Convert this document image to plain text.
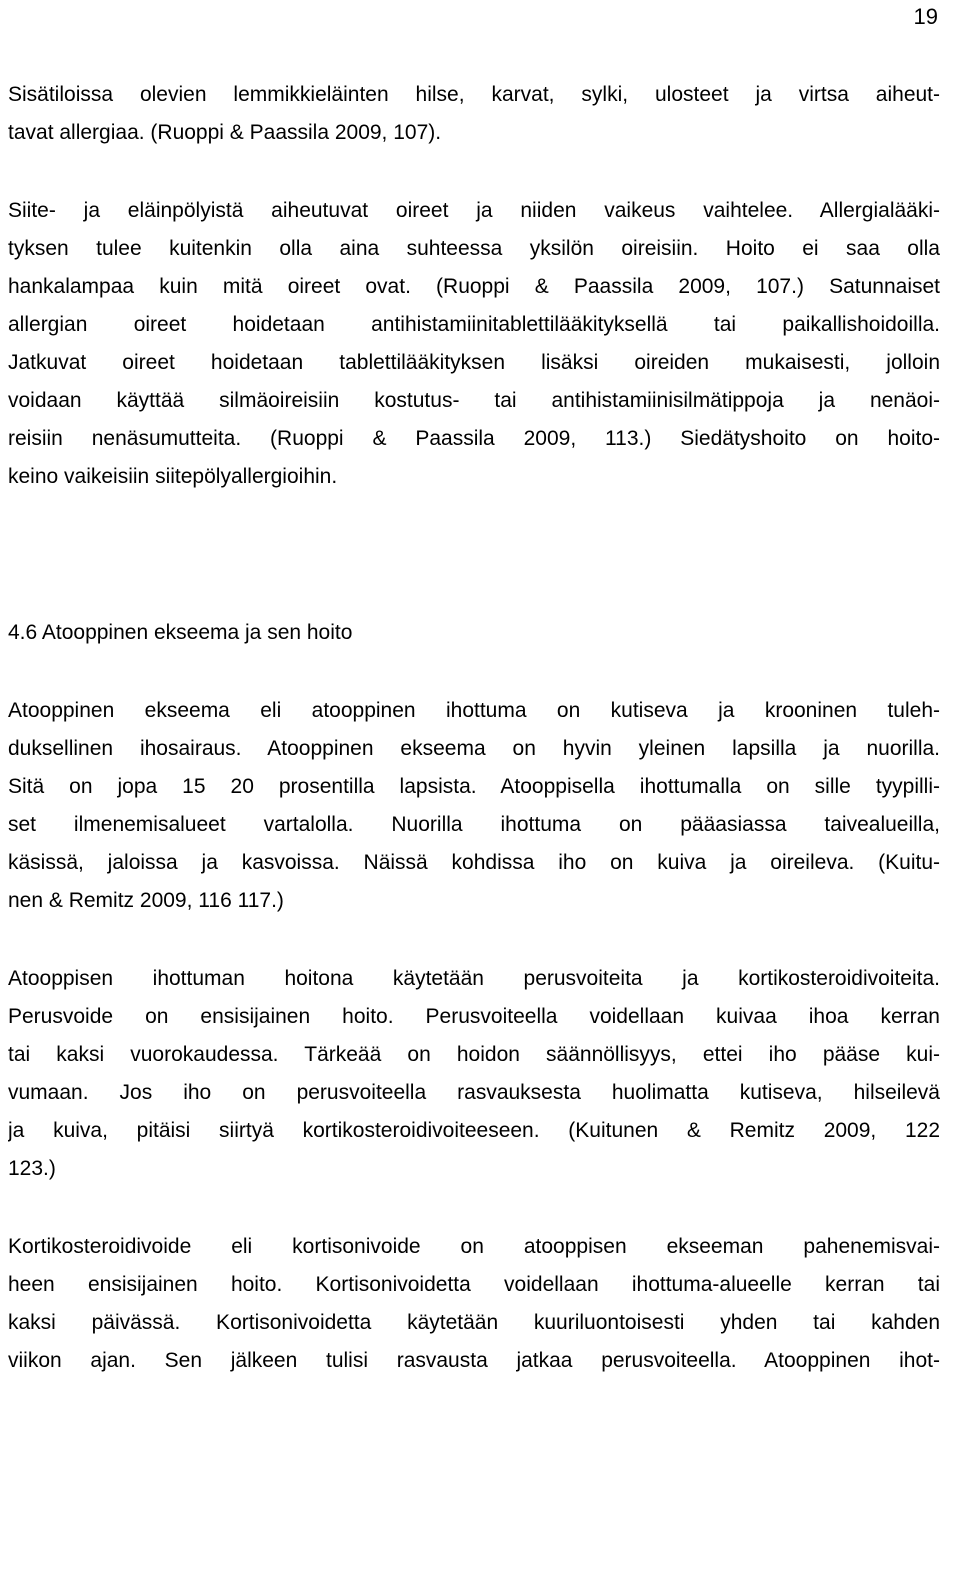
19
Sisätiloissa olevien lemmikkieläinten hilse, karvat, sylki, ulosteet ja virtsa aiheut-
tavat allergiaa. (Ruoppi & Paassila 2009, 107).
Siite- ja eläinpölyistä aiheutuvat oireet ja niiden vaikeus vaihtelee. Allergialääki-
tyksen tulee kuitenkin olla aina suhteessa yksilön oireisiin. Hoito ei saa olla
hankalampaa kuin mitä oireet ovat. (Ruoppi & Paassila 2009, 107.) Satunnaiset
allergian oireet hoidetaan antihistamiinitablettilääkityksellä tai paikallishoidoilla.
Jatkuvat oireet hoidetaan tablettilääkityksen lisäksi oireiden mukaisesti, jolloin
voidaan käyttää silmäoireisiin kostutus- tai antihistamiinisilmätippoja ja nenäoi-
reisiin nenäsumutteita. (Ruoppi & Paassila 2009, 113.) Siedätyshoito on hoito-
keino vaikeisiin siitepölyallergioihin.
4.6 Atooppinen ekseema ja sen hoito
Atooppinen ekseema eli atooppinen ihottuma on kutiseva ja krooninen tuleh-
duksellinen ihosairaus. Atooppinen ekseema on hyvin yleinen lapsilla ja nuorilla.
Sitä on jopa 15 20 prosentilla lapsista. Atooppisella ihottumalla on sille tyypilli-
set ilmenemisalueet vartalolla. Nuorilla ihottuma on pääasiassa taivealueilla,
käsissä, jaloissa ja kasvoissa. Näissä kohdissa iho on kuiva ja oireileva. (Kuitu-
nen & Remitz 2009, 116 117.)
Atooppisen ihottuman hoitona käytetään perusvoiteita ja kortikosteroidivoiteita.
Perusvoide on ensisijainen hoito. Perusvoiteella voidellaan kuivaa ihoa kerran
tai kaksi vuorokaudessa. Tärkeää on hoidon säännöllisyys, ettei iho pääse kui-
vumaan. Jos iho on perusvoiteella rasvauksesta huolimatta kutiseva, hilseilevä
ja kuiva, pitäisi siirtyä kortikosteroidivoiteeseen. (Kuitunen & Remitz 2009, 122
123.)
Kortikosteroidivoide eli kortisonivoide on atooppisen ekseeman pahenemisvai-
heen ensisijainen hoito. Kortisonivoidetta voidellaan ihottuma-alueelle kerran tai
kaksi päivässä. Kortisonivoidetta käytetään kuuriluontoisesti yhden tai kahden
viikon ajan. Sen jälkeen tulisi rasvausta jatkaa perusvoiteella. Atooppinen ihot-
